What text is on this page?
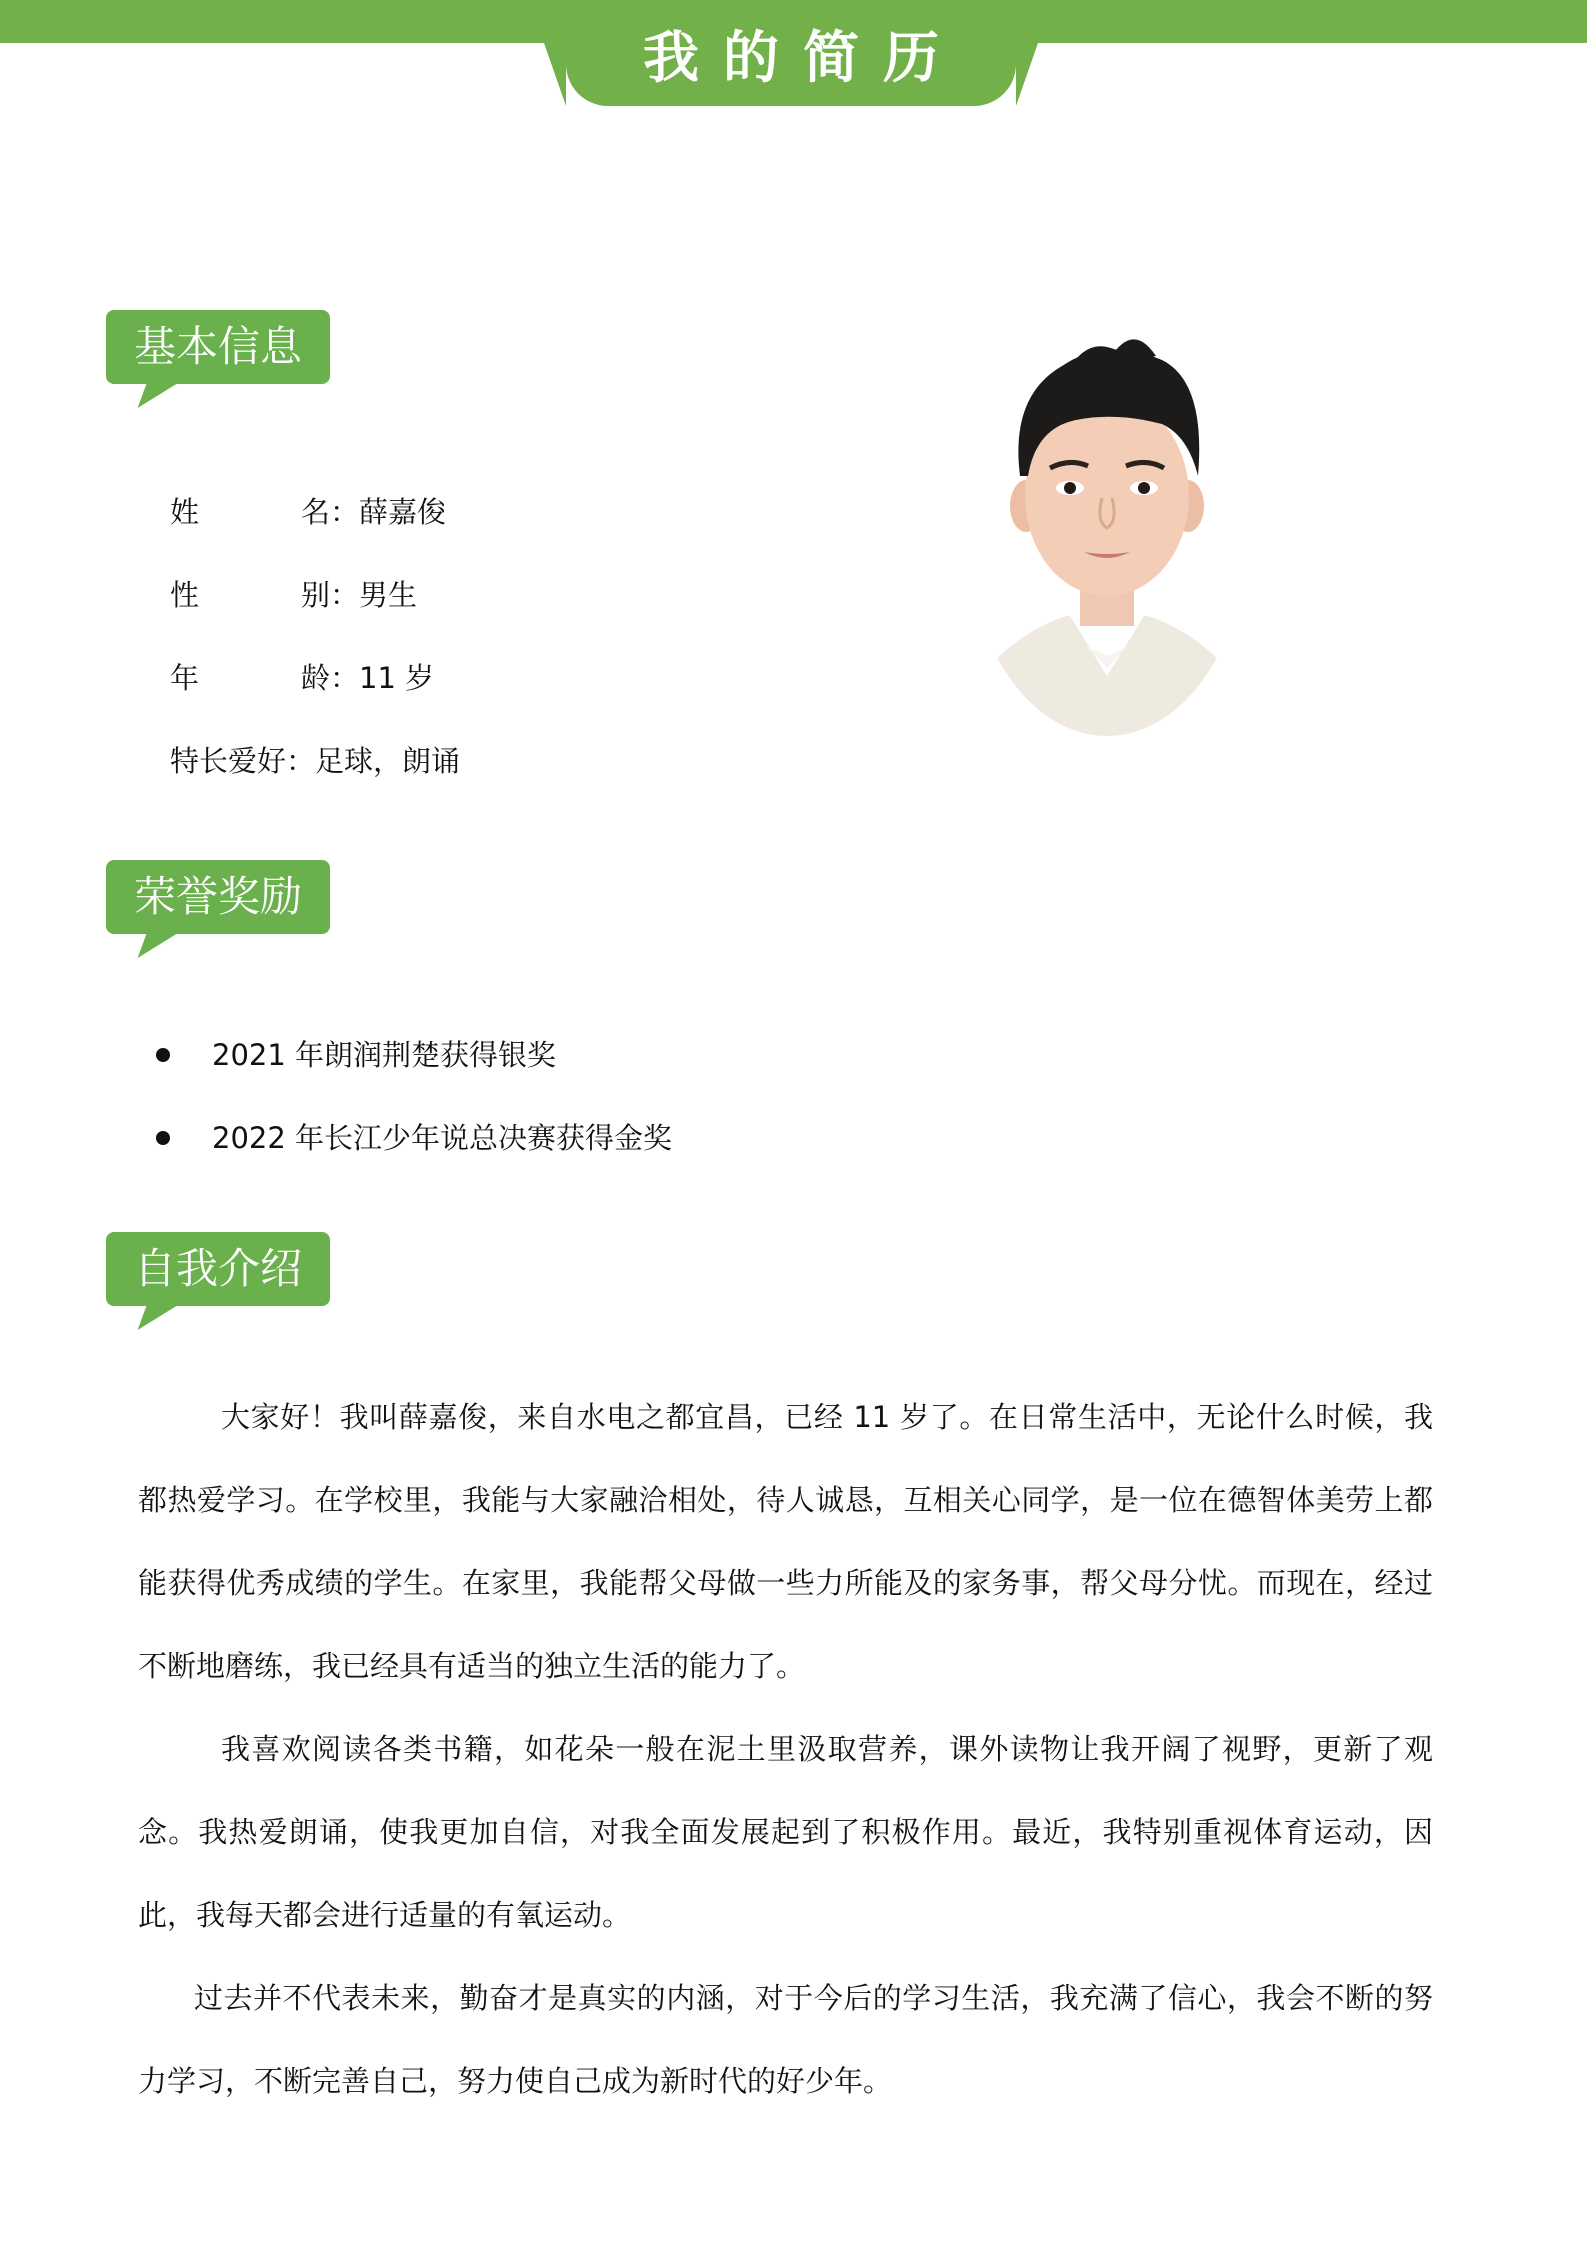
我的简历
基本信息
姓名：薛嘉俊
性别：男生
年龄：11 岁
特长爱好：足球，朗诵
荣誉奖励
2021 年朗润荆楚获得银奖
2022 年长江少年说总决赛获得金奖
自我介绍
大家好！我叫薛嘉俊，来自水电之都宜昌，已经 11 岁了。在日常生活中，无论什么时候，我都热爱学习。在学校里，我能与大家融洽相处，待人诚恳，互相关心同学，是一位在德智体美劳上都能获得优秀成绩的学生。在家里，我能帮父母做一些力所能及的家务事，帮父母分忧。而现在，经过不断地磨练，我已经具有适当的独立生活的能力了。
我喜欢阅读各类书籍，如花朵一般在泥土里汲取营养，课外读物让我开阔了视野，更新了观念。我热爱朗诵，使我更加自信，对我全面发展起到了积极作用。最近，我特别重视体育运动，因此，我每天都会进行适量的有氧运动。
过去并不代表未来，勤奋才是真实的内涵，对于今后的学习生活，我充满了信心，我会不断的努力学习，不断完善自己，努力使自己成为新时代的好少年。
